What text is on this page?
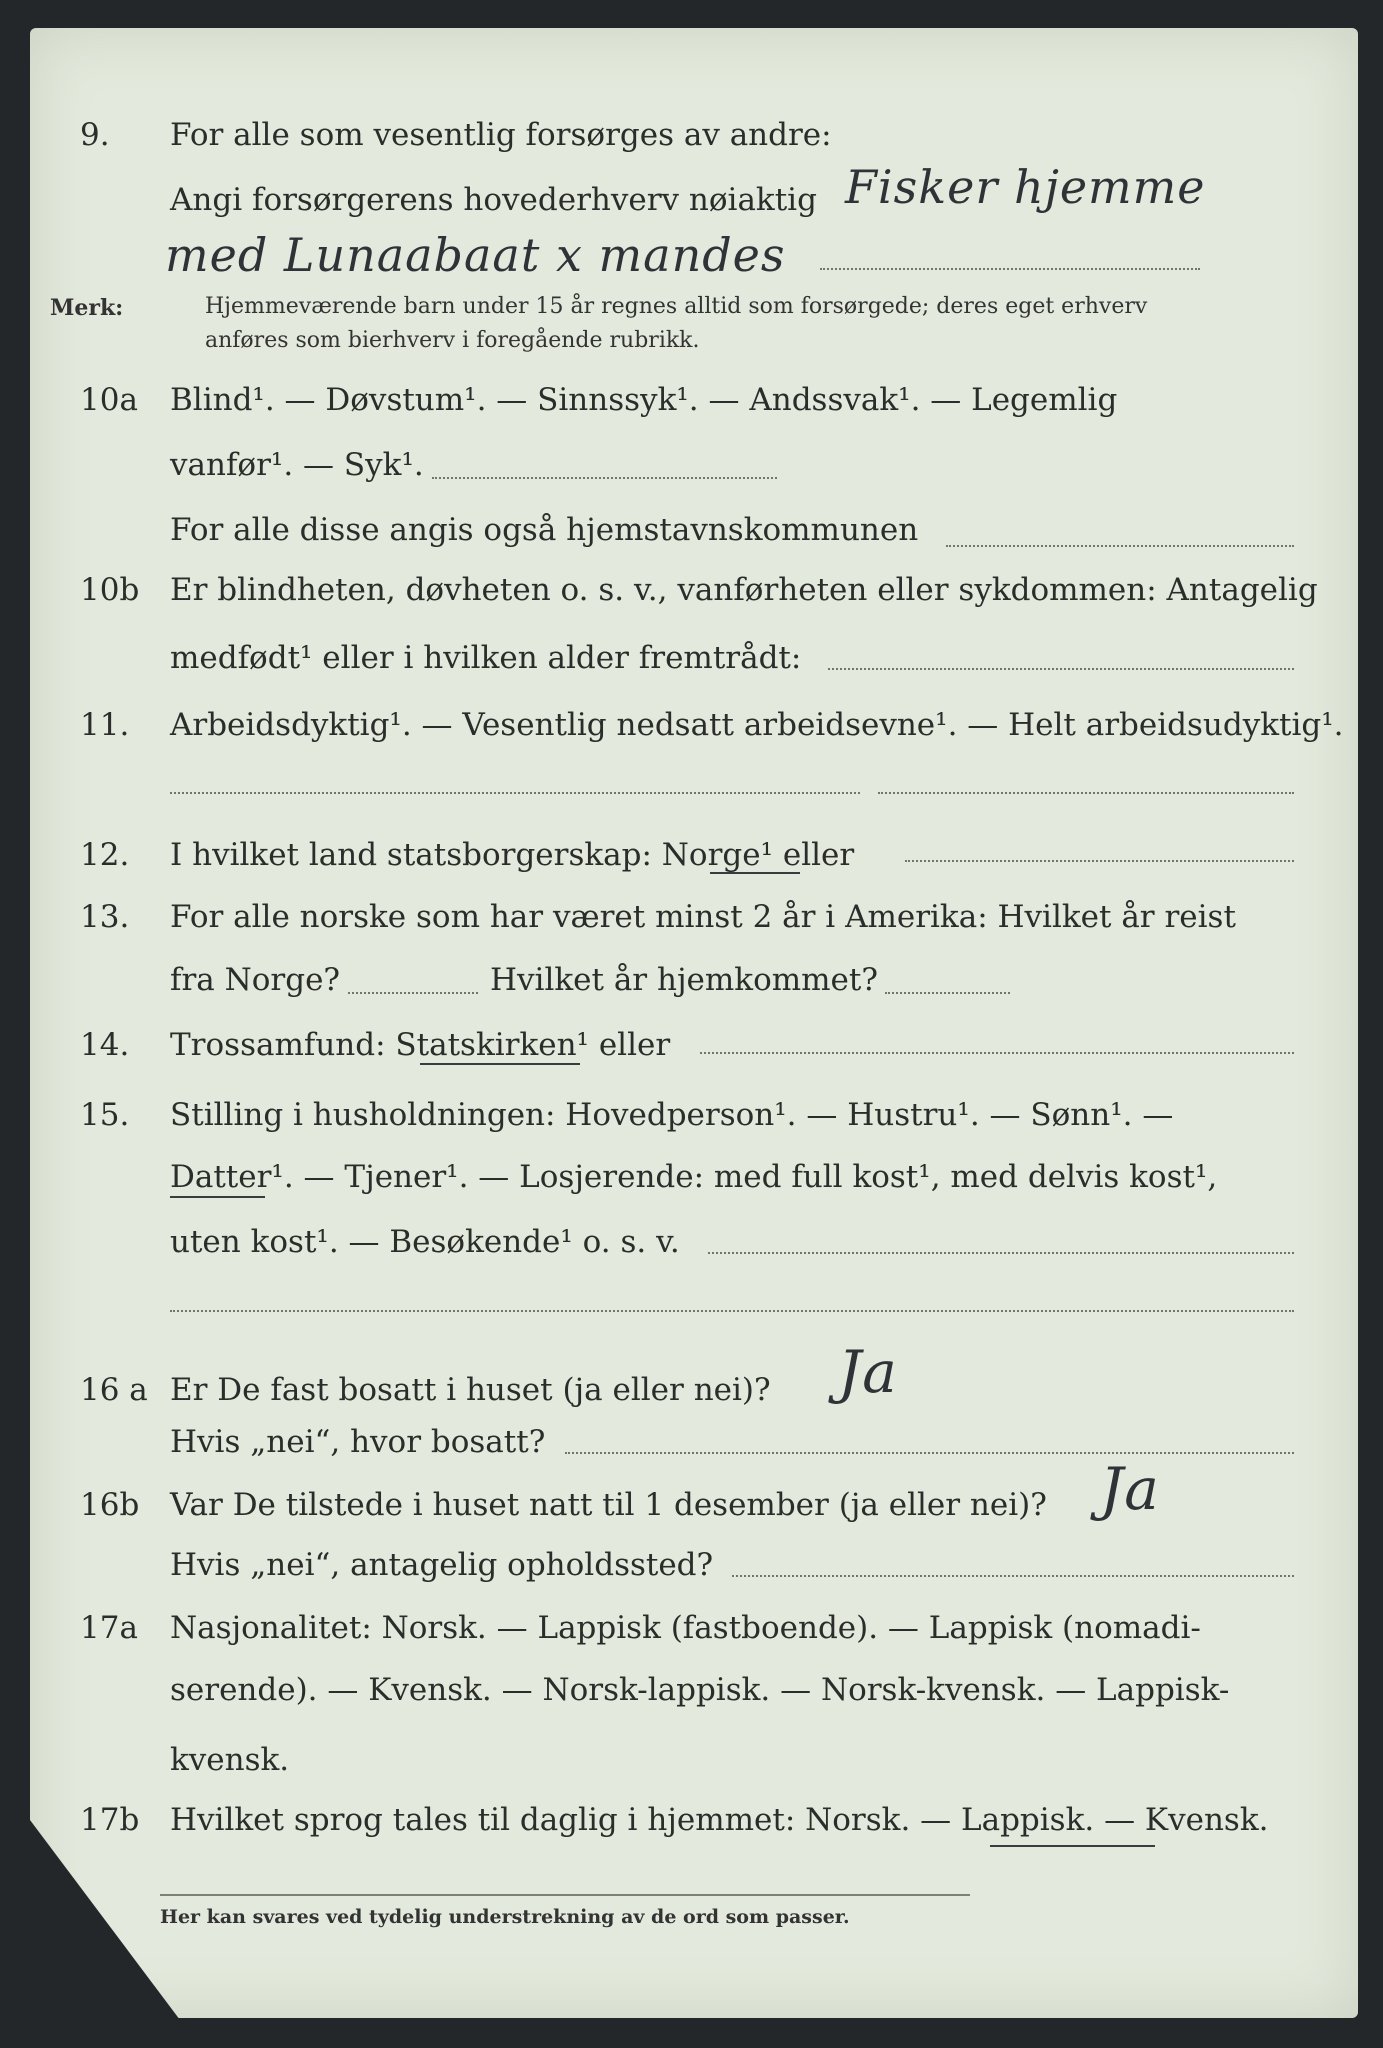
9.	For alle som vesentlig forsørges av andre:
Angi forsørgerens hovederhverv nøiaktig Fisker hjemme
med Lunaabaat x mandes
Merk:	Hjemmeværende barn under 15 år regnes alltid som forsørgede; deres eget erhverv
anføres som bierhverv i foregående rubrikk.
10a	Blind¹. — Døvstum¹. — Sinnssyk¹. — Andssvak¹. — Legemlig
vanfør¹. — Syk¹.
For alle disse angis også hjemstavnskommunen
10b Er blindheten, døvheten o. s. v., vanførheten eller sykdommen: Antagelig
medfødt¹ eller i hvilken alder fremtrådt:
11.	Arbeidsdyktig¹. — Vesentlig nedsatt arbeidsevne¹. — Helt arbeidsudyktig¹.
12.	I hvilket land statsborgerskap: Norge¹ eller
13.	For alle norske som har været minst 2 år i Amerika: Hvilket år reist
fra Norge?	Hvilket år hjemkommet?
14.	Trossamfund: Statskirken¹ eller
15.	Stilling i husholdningen: Hovedperson¹. — Hustru¹. — Sønn¹. —
Datter¹. — Tjener¹. — Losjerende: med full kost¹, med delvis kost¹,
uten kost¹. — Besøkende¹ o. s. v.
16 a Er De fast bosatt i huset (ja eller nei)? Ja
Hvis „nei“, hvor bosatt?
16b Var De tilstede i huset natt til 1 desember (ja eller nei)? Ja
Hvis „nei“, antagelig opholdssted?
17a	Nasjonalitet: Norsk. — Lappisk (fastboende). — Lappisk (nomadi-
serende). — Kvensk. — Norsk-lappisk. — Norsk-kvensk. — Lappisk-
kvensk.
17b Hvilket sprog tales til daglig i hjemmet: Norsk. — Lappisk. — Kvensk.
Her kan svares ved tydelig understrekning av de ord som passer.
